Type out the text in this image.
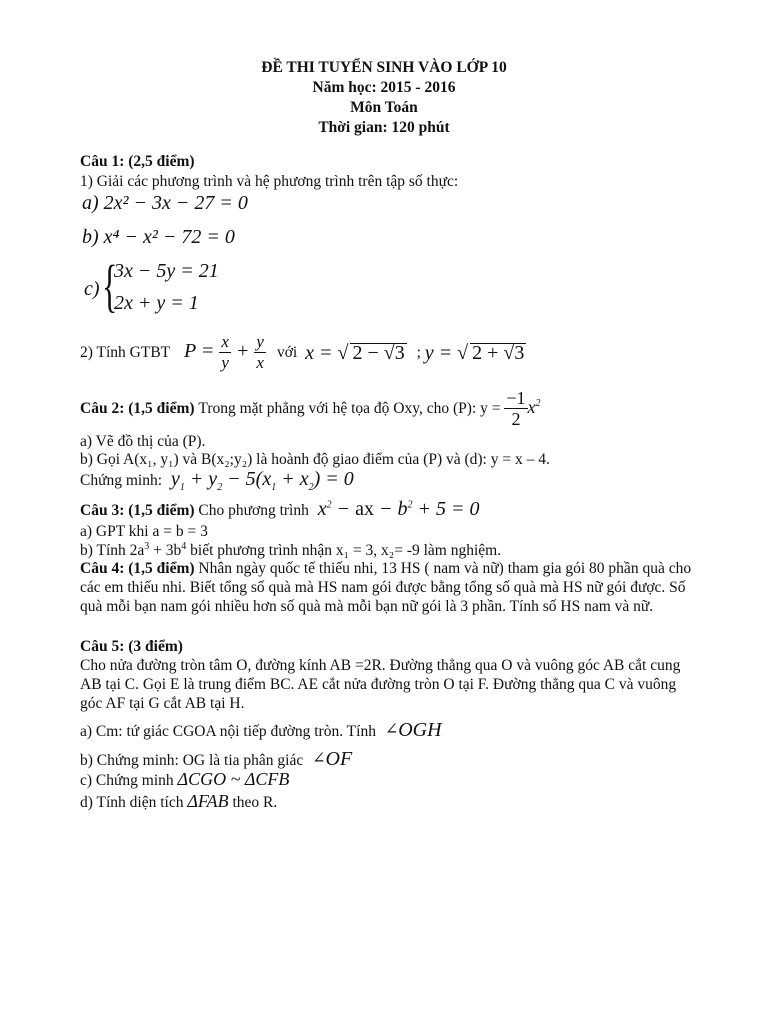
ĐỀ THI TUYỂN SINH VÀO LỚP 10
Năm học: 2015 - 2016
Môn Toán
Thời gian: 120 phút
Câu 1: (2,5 điểm)
1) Giải các phương trình và hệ phương trình trên tập số thực:
a) 2x² − 3x − 27 = 0
b) x⁴ − x² − 72 = 0
c) {
3x − 5y = 21
2x + y = 1
2) Tính GTBT $P = \frac{x}{y} + \frac{y}{x}$ với x = √ 2 − √3 ; y = √ 2 + √3
Câu 2: (1,5 điểm) Trong mặt phẳng với hệ tọa độ Oxy, cho (P): $y = \frac{-1}{2} x^2$
a) Vẽ đồ thị của (P).
b) Gọi A(x₁, y₁) và B(x₂;y₂) là hoành độ giao điểm của (P) và (d): y = x – 4.
Chứng minh:  $y_1 + y_2 - 5(x_1 + x_2) = 0$
Câu 3: (1,5 điểm) Cho phương trình  $x^2$ − ax − $b^2 + 5 = 0$
a) GPT khi a = b = 3
b) Tính $2a^3 + 3b^4$ biết phương trình nhận x₁ = 3, x₂= -9 làm nghiệm.
Câu 4: (1,5 điểm) Nhân ngày quốc tế thiếu nhi, 13 HS ( nam và nữ) tham gia gói 80 phần quà cho các em thiếu nhi. Biết tổng số quà mà HS nam gói được bằng tổng số quà mà HS nữ gói được. Số quà mỗi bạn nam gói nhiều hơn số quà mà mỗi bạn nữ gói là 3 phần. Tính số HS nam và nữ.
Câu 5: (3 điểm)
Cho nửa đường tròn tâm O, đường kính AB =2R. Đường thẳng qua O và vuông góc AB cắt cung AB tại C. Gọi E là trung điểm BC. AE cắt nửa đường tròn O tại F. Đường thẳng qua C và vuông góc AF tại G cắt AB tại H.
a) Cm: tứ giác CGOA nội tiếp đường tròn. Tính ∠OGH
b) Chứng minh: OG là tia phân giác ∠OF
c) Chứng minh ΔCGO ~ ΔCFB
d) Tính diện tích ΔFAB theo R.
